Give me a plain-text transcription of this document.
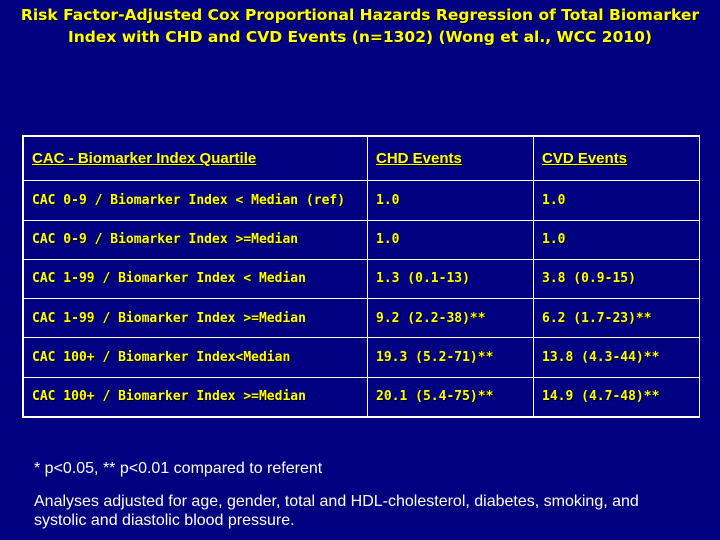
Risk Factor-Adjusted Cox Proportional Hazards Regression of Total Biomarker
Index with CHD and CVD Events (n=1302) (Wong et al., WCC 2010)
CAC - Biomarker Index Quartile	CHD Events	CVD Events
CAC 0-9 / Biomarker Index < Median (ref)	1.0	1.0
CAC 0-9 / Biomarker Index >=Median	1.0	1.0
CAC 1-99 / Biomarker Index < Median	1.3 (0.1-13)	3.8 (0.9-15)
CAC 1-99 / Biomarker Index >=Median	9.2 (2.2-38)**	6.2 (1.7-23)**
CAC 100+ / Biomarker Index<Median	19.3 (5.2-71)**	13.8 (4.3-44)**
CAC 100+ / Biomarker Index >=Median	20.1 (5.4-75)**	14.9 (4.7-48)**
* p<0.05, ** p<0.01 compared to referent
Analyses adjusted for age, gender, total and HDL-cholesterol, diabetes, smoking, and systolic and diastolic blood pressure.
